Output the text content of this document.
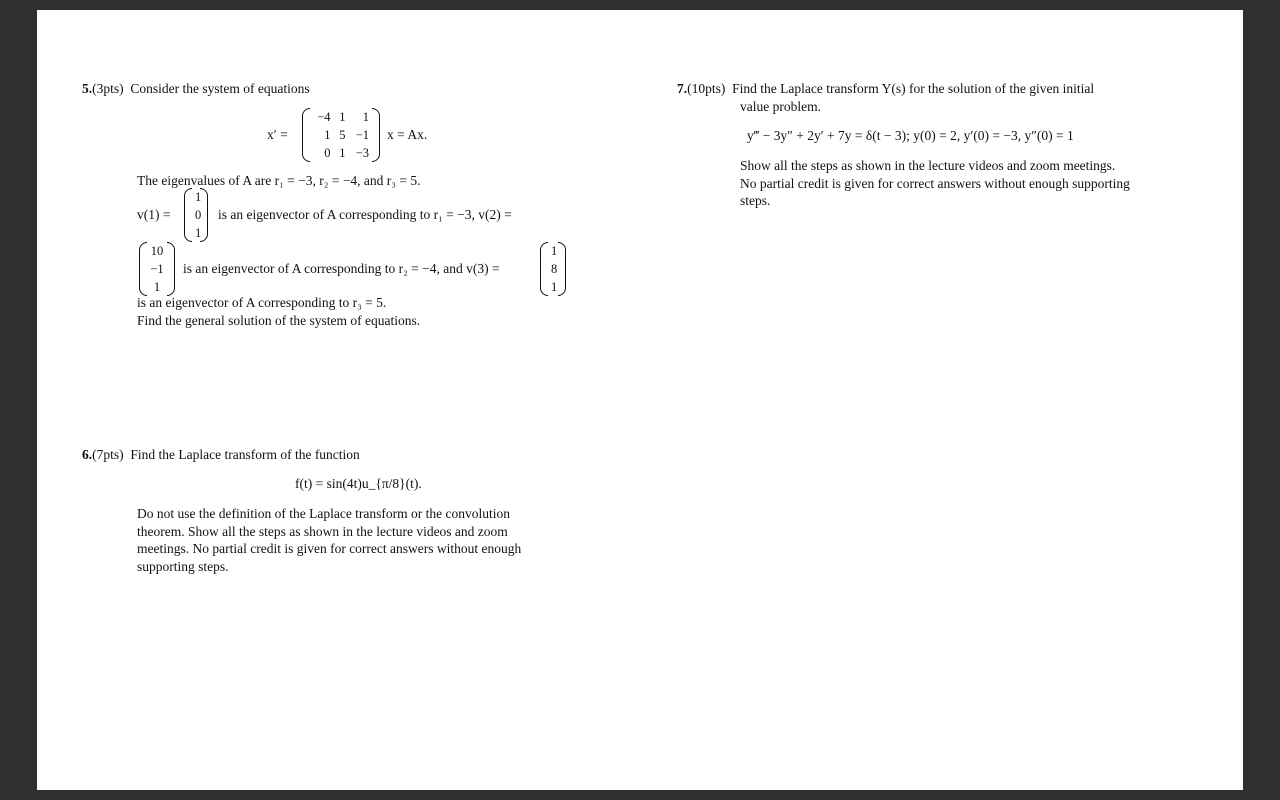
5.(3pts) Consider the system of equations
x′ =
−4	1	1
1	5	−1
0	1	−3
x = Ax.
The eigenvalues of A are r₁ = −3, r₂ = −4, and r₃ = 5.
v(1) =
1
0
1
is an eigenvector of A corresponding to r₁ = −3, v(2) =
10
−1
1
is an eigenvector of A corresponding to r₂ = −4, and v(3) =
1
8
1
is an eigenvector of A corresponding to r₃ = 5.
Find the general solution of the system of equations.
6.(7pts) Find the Laplace transform of the function
f(t) = sin(4t)u_{π/8}(t).
Do not use the definition of the Laplace transform or the convolution
theorem. Show all the steps as shown in the lecture videos and zoom
meetings. No partial credit is given for correct answers without enough
supporting steps.
7.(10pts) Find the Laplace transform Y(s) for the solution of the given initial
value problem.
y‴ − 3y″ + 2y′ + 7y = δ(t − 3); y(0) = 2, y′(0) = −3, y″(0) = 1
Show all the steps as shown in the lecture videos and zoom meetings.
No partial credit is given for correct answers without enough supporting
steps.
